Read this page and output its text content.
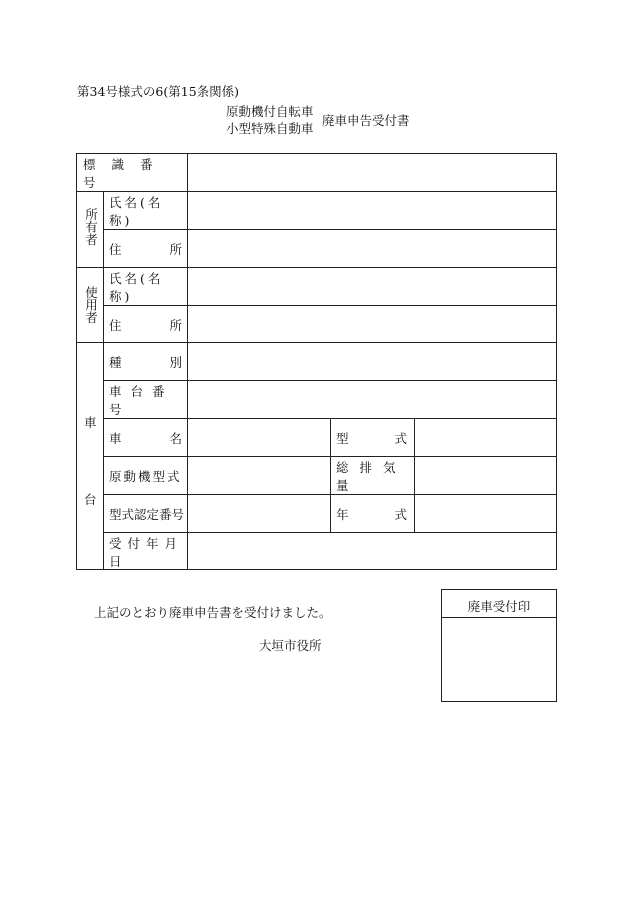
第34号様式の6(第15条関係)
原動機付自転車
小型特殊自動車
廃車申告受付書
標識番号
所有者
氏名(名称)
住所
使用者
氏名(名称)
住所
車
台
種別
車台番号
車名
原動機型式
型式認定番号
受付年月日
型式
総排気量
年式
上記のとおり廃車申告書を受付けました。
大垣市役所
廃車受付印
